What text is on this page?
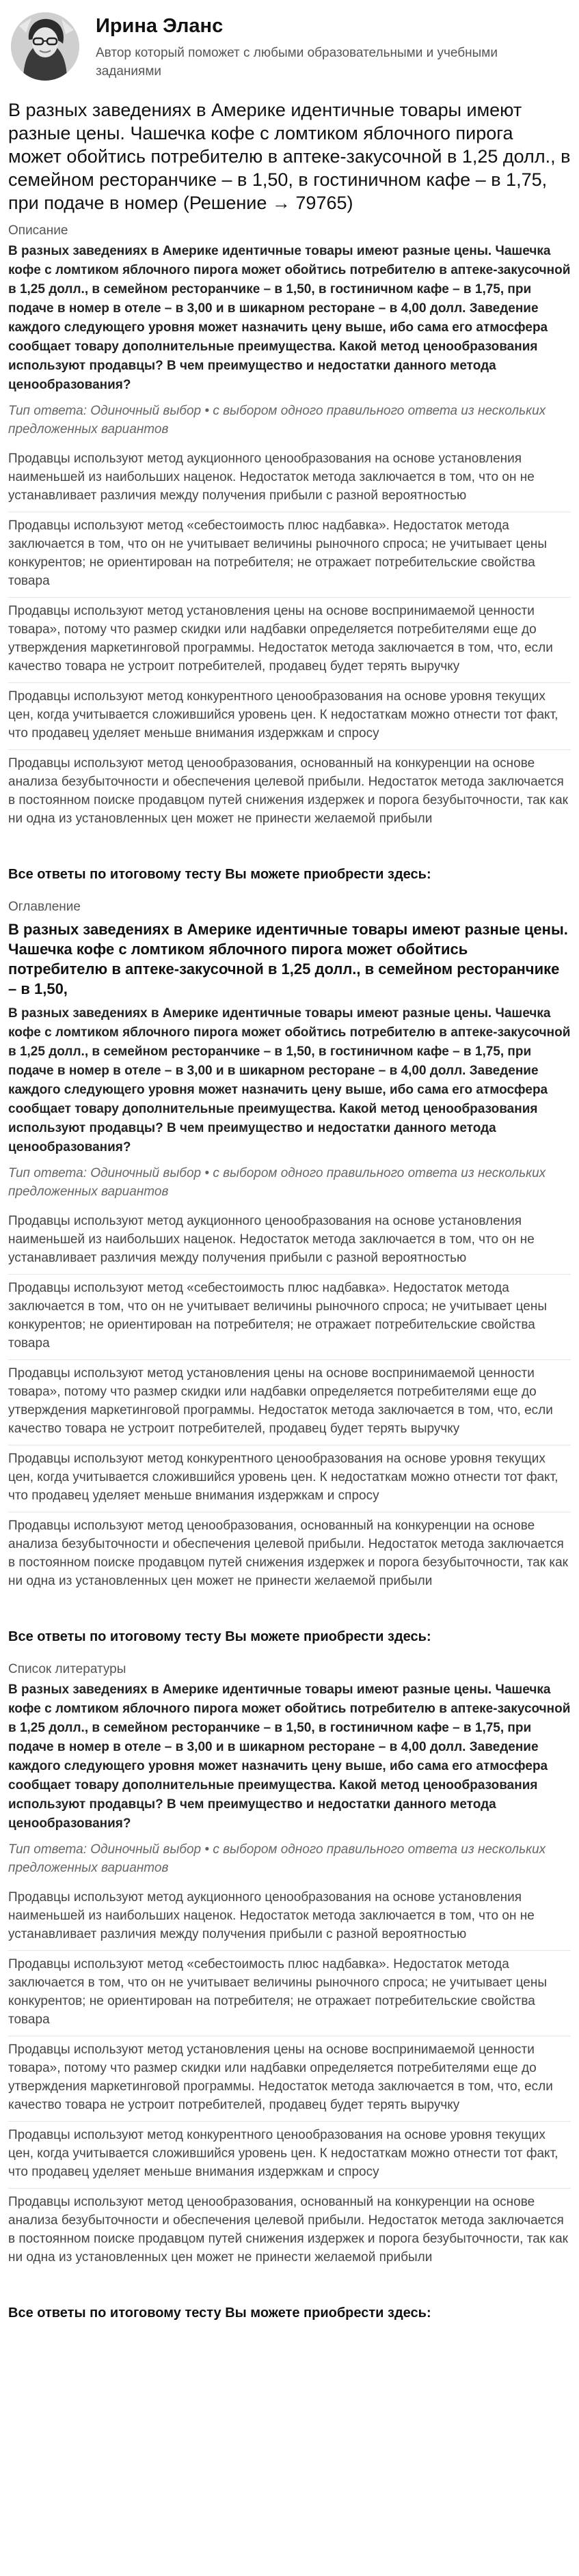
Ирина Эланс
Автор который поможет с любыми образовательными и учебными заданиями
В разных заведениях в Америке идентичные товары имеют разные цены. Чашечка кофе с ломтиком яблочного пирога может обойтись потребителю в аптеке-закусочной в 1,25 долл., в семейном ресторанчике – в 1,50, в гостиничном кафе – в 1,75, при подаче в номер (Решение → 79765)

Описание

В разных заведениях в Америке идентичные товары имеют разные цены. Чашечка кофе с ломтиком яблочного пирога может обойтись потребителю в аптеке-закусочной в 1,25 долл., в семейном ресторанчике – в 1,50, в гостиничном кафе – в 1,75, при подаче в номер в отеле – в 3,00 и в шикарном ресторане – в 4,00 долл. Заведение каждого следующего уровня может назначить цену выше, ибо сама его атмосфера сообщает товару дополнительные преимущества. Какой метод ценообразования используют продавцы? В чем преимущество и недостатки данного метода ценообразования?

Тип ответа: Одиночный выбор • с выбором одного правильного ответа из нескольких предложенных вариантов

Продавцы используют метод аукционного ценообразования на основе установления наименьшей из наибольших наценок. Недостаток метода заключается в том, что он не устанавливает различия между получения прибыли с разной вероятностью
Продавцы используют метод «себестоимость плюс надбавка». Недостаток метода заключается в том, что он не учитывает величины рыночного спроса; не учитывает цены конкурентов; не ориентирован на потребителя; не отражает потребительские свойства товара
Продавцы используют метод установления цены на основе воспринимаемой ценности товара», потому что размер скидки или надбавки определяется потребителями еще до утверждения маркетинговой программы. Недостаток метода заключается в том, что, если качество товара не устроит потребителей, продавец будет терять выручку
Продавцы используют метод конкурентного ценообразования на основе уровня текущих цен, когда учитывается сложившийся уровень цен. К недостаткам можно отнести тот факт, что продавец уделяет меньше внимания издержкам и спросу
Продавцы используют метод ценообразования, основанный на конкуренции на основе анализа безубыточности и обеспечения целевой прибыли. Недостаток метода заключается в постоянном поиске продавцом путей снижения издержек и порога безубыточности, так как ни одна из установленных цен может не принести желаемой прибыли

Все ответы по итоговому тесту Вы можете приобрести здесь:

Оглавление

В разных заведениях в Америке идентичные товары имеют разные цены. Чашечка кофе с ломтиком яблочного пирога может обойтись потребителю в аптеке-закусочной в 1,25 долл., в семейном ресторанчике – в 1,50,

В разных заведениях в Америке идентичные товары имеют разные цены. Чашечка кофе с ломтиком яблочного пирога может обойтись потребителю в аптеке-закусочной в 1,25 долл., в семейном ресторанчике – в 1,50, в гостиничном кафе – в 1,75, при подаче в номер в отеле – в 3,00 и в шикарном ресторане – в 4,00 долл. Заведение каждого следующего уровня может назначить цену выше, ибо сама его атмосфера сообщает товару дополнительные преимущества. Какой метод ценообразования используют продавцы? В чем преимущество и недостатки данного метода ценообразования?

Тип ответа: Одиночный выбор • с выбором одного правильного ответа из нескольких предложенных вариантов

Продавцы используют метод аукционного ценообразования на основе установления наименьшей из наибольших наценок. Недостаток метода заключается в том, что он не устанавливает различия между получения прибыли с разной вероятностью
Продавцы используют метод «себестоимость плюс надбавка». Недостаток метода заключается в том, что он не учитывает величины рыночного спроса; не учитывает цены конкурентов; не ориентирован на потребителя; не отражает потребительские свойства товара
Продавцы используют метод установления цены на основе воспринимаемой ценности товара», потому что размер скидки или надбавки определяется потребителями еще до утверждения маркетинговой программы. Недостаток метода заключается в том, что, если качество товара не устроит потребителей, продавец будет терять выручку
Продавцы используют метод конкурентного ценообразования на основе уровня текущих цен, когда учитывается сложившийся уровень цен. К недостаткам можно отнести тот факт, что продавец уделяет меньше внимания издержкам и спросу
Продавцы используют метод ценообразования, основанный на конкуренции на основе анализа безубыточности и обеспечения целевой прибыли. Недостаток метода заключается в постоянном поиске продавцом путей снижения издержек и порога безубыточности, так как ни одна из установленных цен может не принести желаемой прибыли

Все ответы по итоговому тесту Вы можете приобрести здесь:

Список литературы

В разных заведениях в Америке идентичные товары имеют разные цены. Чашечка кофе с ломтиком яблочного пирога может обойтись потребителю в аптеке-закусочной в 1,25 долл., в семейном ресторанчике – в 1,50, в гостиничном кафе – в 1,75, при подаче в номер в отеле – в 3,00 и в шикарном ресторане – в 4,00 долл. Заведение каждого следующего уровня может назначить цену выше, ибо сама его атмосфера сообщает товару дополнительные преимущества. Какой метод ценообразования используют продавцы? В чем преимущество и недостатки данного метода ценообразования?

Тип ответа: Одиночный выбор • с выбором одного правильного ответа из нескольких предложенных вариантов

Продавцы используют метод аукционного ценообразования на основе установления наименьшей из наибольших наценок. Недостаток метода заключается в том, что он не устанавливает различия между получения прибыли с разной вероятностью
Продавцы используют метод «себестоимость плюс надбавка». Недостаток метода заключается в том, что он не учитывает величины рыночного спроса; не учитывает цены конкурентов; не ориентирован на потребителя; не отражает потребительские свойства товара
Продавцы используют метод установления цены на основе воспринимаемой ценности товара», потому что размер скидки или надбавки определяется потребителями еще до утверждения маркетинговой программы. Недостаток метода заключается в том, что, если качество товара не устроит потребителей, продавец будет терять выручку
Продавцы используют метод конкурентного ценообразования на основе уровня текущих цен, когда учитывается сложившийся уровень цен. К недостаткам можно отнести тот факт, что продавец уделяет меньше внимания издержкам и спросу
Продавцы используют метод ценообразования, основанный на конкуренции на основе анализа безубыточности и обеспечения целевой прибыли. Недостаток метода заключается в постоянном поиске продавцом путей снижения издержек и порога безубыточности, так как ни одна из установленных цен может не принести желаемой прибыли

Все ответы по итоговому тесту Вы можете приобрести здесь:
